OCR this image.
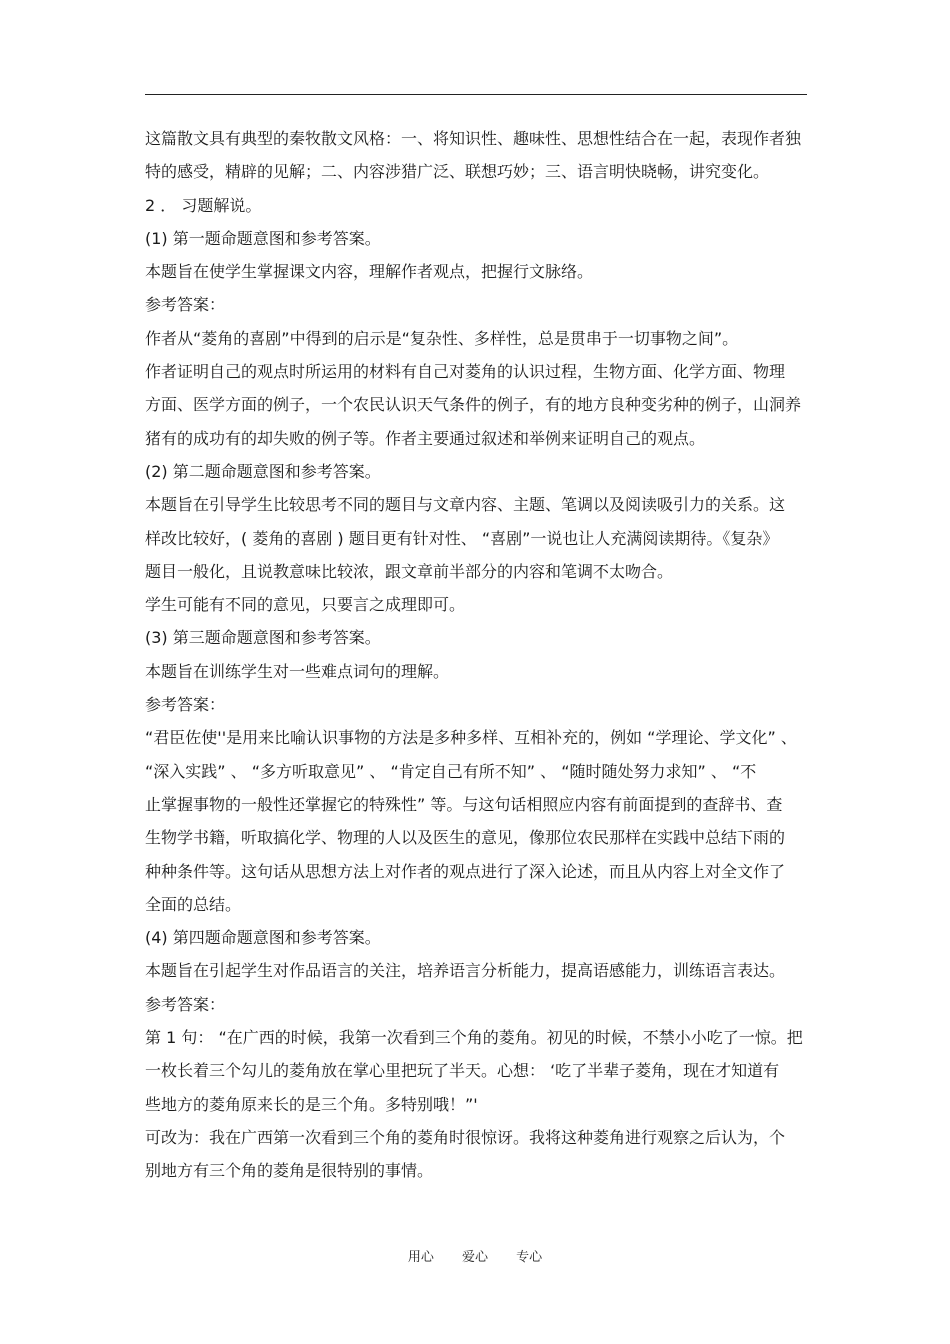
这篇散文具有典型的秦牧散文风格：一、将知识性、趣味性、思想性结合在一起，表现作者独
特的感受，精辟的见解；二、内容涉猎广泛、联想巧妙；三、语言明快晓畅，讲究变化。
2 ． 习题解说。
(1) 第一题命题意图和参考答案。
本题旨在使学生掌握课文内容，理解作者观点，把握行文脉络。
参考答案：
作者从“菱角的喜剧”中得到的启示是“复杂性、多样性，总是贯串于一切事物之间”。
作者证明自己的观点时所运用的材料有自己对菱角的认识过程，生物方面、化学方面、物理
方面、医学方面的例子，一个农民认识天气条件的例子，有的地方良种变劣种的例子，山洞养
猪有的成功有的却失败的例子等。作者主要通过叙述和举例来证明自己的观点。
(2) 第二题命题意图和参考答案。
本题旨在引导学生比较思考不同的题目与文章内容、主题、笔调以及阅读吸引力的关系。这
样改比较好，( 菱角的喜剧 ) 题目更有针对性、 “喜剧”一说也让人充满阅读期待。《复杂》
题目一般化，且说教意味比较浓，跟文章前半部分的内容和笔调不太吻合。
学生可能有不同的意见，只要言之成理即可。
(3) 第三题命题意图和参考答案。
本题旨在训练学生对一些难点词句的理解。
参考答案：
“君臣佐使''是用来比喻认识事物的方法是多种多样、互相补充的，例如 “学理论、学文化” 、
“深入实践” 、 “多方听取意见” 、 “肯定自己有所不知” 、 “随时随处努力求知” 、 “不
止掌握事物的一般性还掌握它的特殊性” 等。与这句话相照应内容有前面提到的查辞书、查
生物学书籍，听取搞化学、物理的人以及医生的意见，像那位农民那样在实践中总结下雨的
种种条件等。这句话从思想方法上对作者的观点进行了深入论述，而且从内容上对全文作了
全面的总结。
(4) 第四题命题意图和参考答案。
本题旨在引起学生对作品语言的关注，培养语言分析能力，提高语感能力，训练语言表达。
参考答案：
第 1 句： “在广西的时候，我第一次看到三个角的菱角。初见的时候，不禁小小吃了一惊。把
一枚长着三个勾儿的菱角放在掌心里把玩了半天。心想： ‘吃了半辈子菱角，现在才知道有
些地方的菱角原来长的是三个角。多特别哦！”'
可改为：我在广西第一次看到三个角的菱角时很惊讶。我将这种菱角进行观察之后认为，个
别地方有三个角的菱角是很特别的事情。
用心 爱心 专心
